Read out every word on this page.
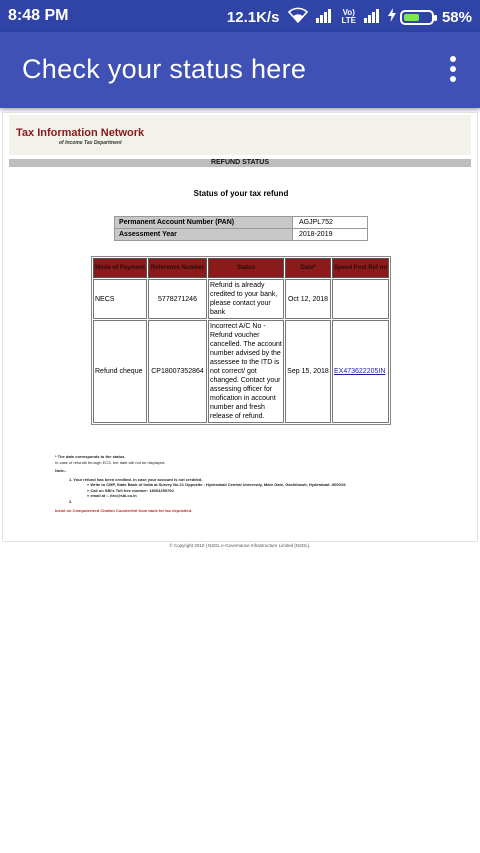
8:48 PM	12.1K/s	Vo)
LTE	58%
Check your status here
Tax Information Network
of Income Tax Department
REFUND STATUS
Status of your tax refund
Permanent Account Number (PAN)	AGJPL752
Assessment Year	2018-2019
Mode of Payment	Reference Number	Status	Date*	Speed Post Ref no
NECS	5778271246	Refund is already credited to your bank, please contact your bank	Oct 12, 2018	
Refund cheque	CP18007352864	Incorrect A/C No - Refund voucher cancelled. The account number advised by the assessee to the ITD is not correct/ got changed. Contact your assessing officer for mofication in account number and fresh release of refund.	Sep 15, 2018	EX473622205IN
* The date corresponds to the status.
In case of refunds through ECS, the date will not be displayed.
Note:-
1. Your refund has been credited. In case your account is not credited,
» Write to CMP, State Bank of India at Survey No.21 Opposite : Hyderabad Central University, Main Gate, Gachibowli, Hyderabad -500019.
» Call on SBI's Toll free number: 18004259760
» email at :- itro@sbi.co.in
2.
Insist on Computerized Challan Counterfoil from bank for tax deposited.
© Copyright 2010 | NSDL e-Governance Infrastructure Limited (NSDL).
